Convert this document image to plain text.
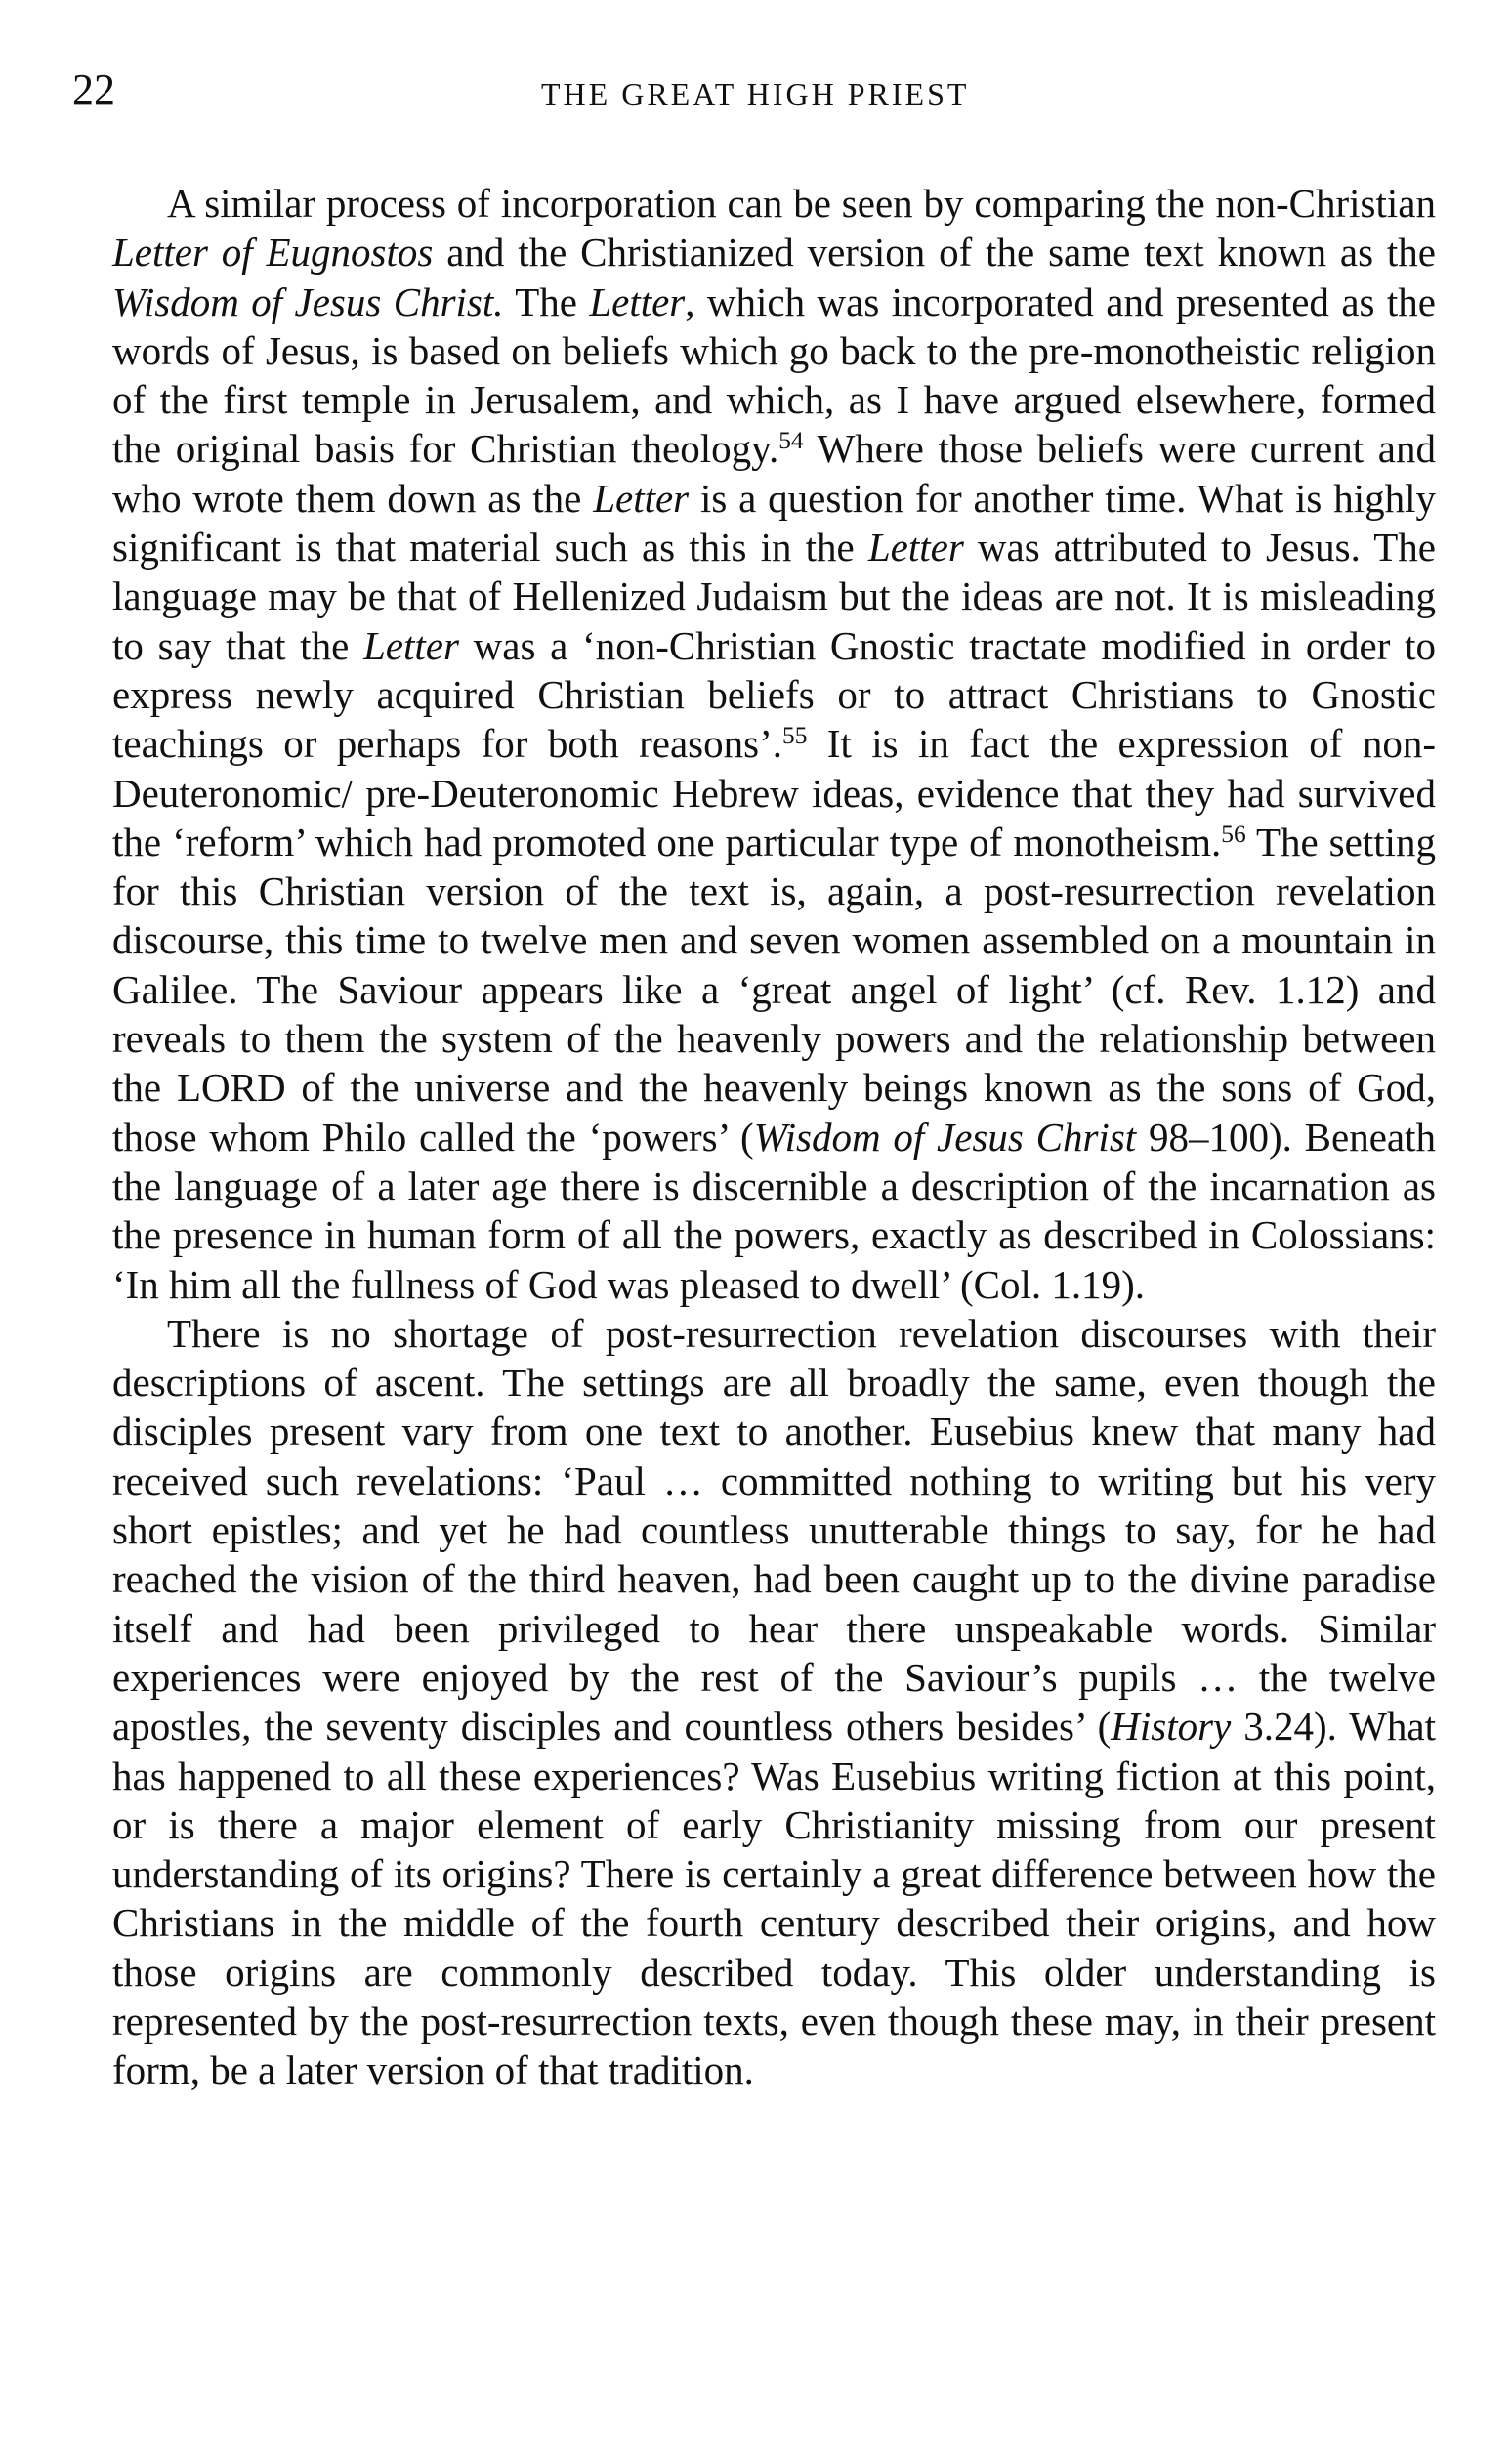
22	THE GREAT HIGH PRIEST

A similar process of incorporation can be seen by comparing the non-Christian Letter of Eugnostos and the Christianized version of the same text known as the Wisdom of Jesus Christ. The Letter, which was incorporated and presented as the words of Jesus, is based on beliefs which go back to the pre-monotheistic religion of the first temple in Jerusalem, and which, as I have argued elsewhere, formed the original basis for Christian theology.$^{54}$ Where those beliefs were current and who wrote them down as the Letter is a question for another time. What is highly significant is that material such as this in the Letter was attributed to Jesus. The language may be that of Hellenized Judaism but the ideas are not. It is misleading to say that the Letter was a ‘non-Christian Gnostic tractate modified in order to express newly acquired Christian beliefs or to attract Christians to Gnostic teachings or perhaps for both reasons’.$^{55}$ It is in fact the expression of non-Deuteronomic/ pre-Deuteronomic Hebrew ideas, evidence that they had survived the ‘reform’ which had promoted one particular type of monotheism.$^{56}$ The setting for this Christian version of the text is, again, a post-resurrection revelation discourse, this time to twelve men and seven women assembled on a mountain in Galilee. The Saviour appears like a ‘great angel of light’ (cf. Rev. 1.12) and reveals to them the system of the heavenly powers and the relationship between the LORD of the universe and the heavenly beings known as the sons of God, those whom Philo called the ‘powers’ (Wisdom of Jesus Christ 98–100). Beneath the language of a later age there is discernible a description of the incarnation as the presence in human form of all the powers, exactly as described in Colossians: ‘In him all the fullness of God was pleased to dwell’ (Col. 1.19).

There is no shortage of post-resurrection revelation discourses with their descriptions of ascent. The settings are all broadly the same, even though the disciples present vary from one text to another. Eusebius knew that many had received such revelations: ‘Paul … committed nothing to writing but his very short epistles; and yet he had countless unutterable things to say, for he had reached the vision of the third heaven, had been caught up to the divine paradise itself and had been privileged to hear there unspeakable words. Similar experiences were enjoyed by the rest of the Saviour’s pupils … the twelve apostles, the seventy disciples and countless others besides’ (History 3.24). What has happened to all these experiences? Was Eusebius writing fiction at this point, or is there a major element of early Christianity missing from our present understanding of its origins? There is certainly a great difference between how the Christians in the middle of the fourth century described their origins, and how those origins are commonly described today. This older understanding is represented by the post-resurrection texts, even though these may, in their present form, be a later version of that tradition.
